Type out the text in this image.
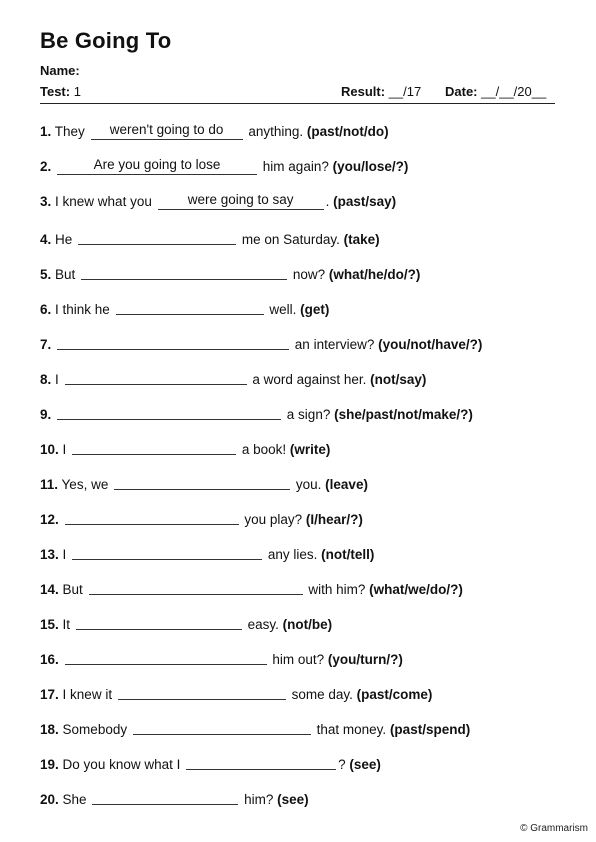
Be Going To
Name:
Test: 1	Result: __/17 Date: __/__/20__
1. They weren't going to do anything. (past/not/do)
2.	Are you going to lose	him again? (you/lose/?)
3. I knew what you	were going to say . (past/say)
4. He	me on Saturday. (take)
5. But	now? (what/he/do/?)
6. I think he	well. (get)
7.	an interview? (you/not/have/?)
8. I	a word against her. (not/say)
9.	a sign? (she/past/not/make/?)
10. I	a book! (write)
11. Yes, we	you. (leave)
12.	you play? (I/hear/?)
13. I	any lies. (not/tell)
14. But	with him? (what/we/do/?)
15. It	easy. (not/be)
16.	him out? (you/turn/?)
17. I knew it	some day. (past/come)
18. Somebody	that money. (past/spend)
19. Do you know what I	? (see)
20. She	him? (see)
© Grammarism
